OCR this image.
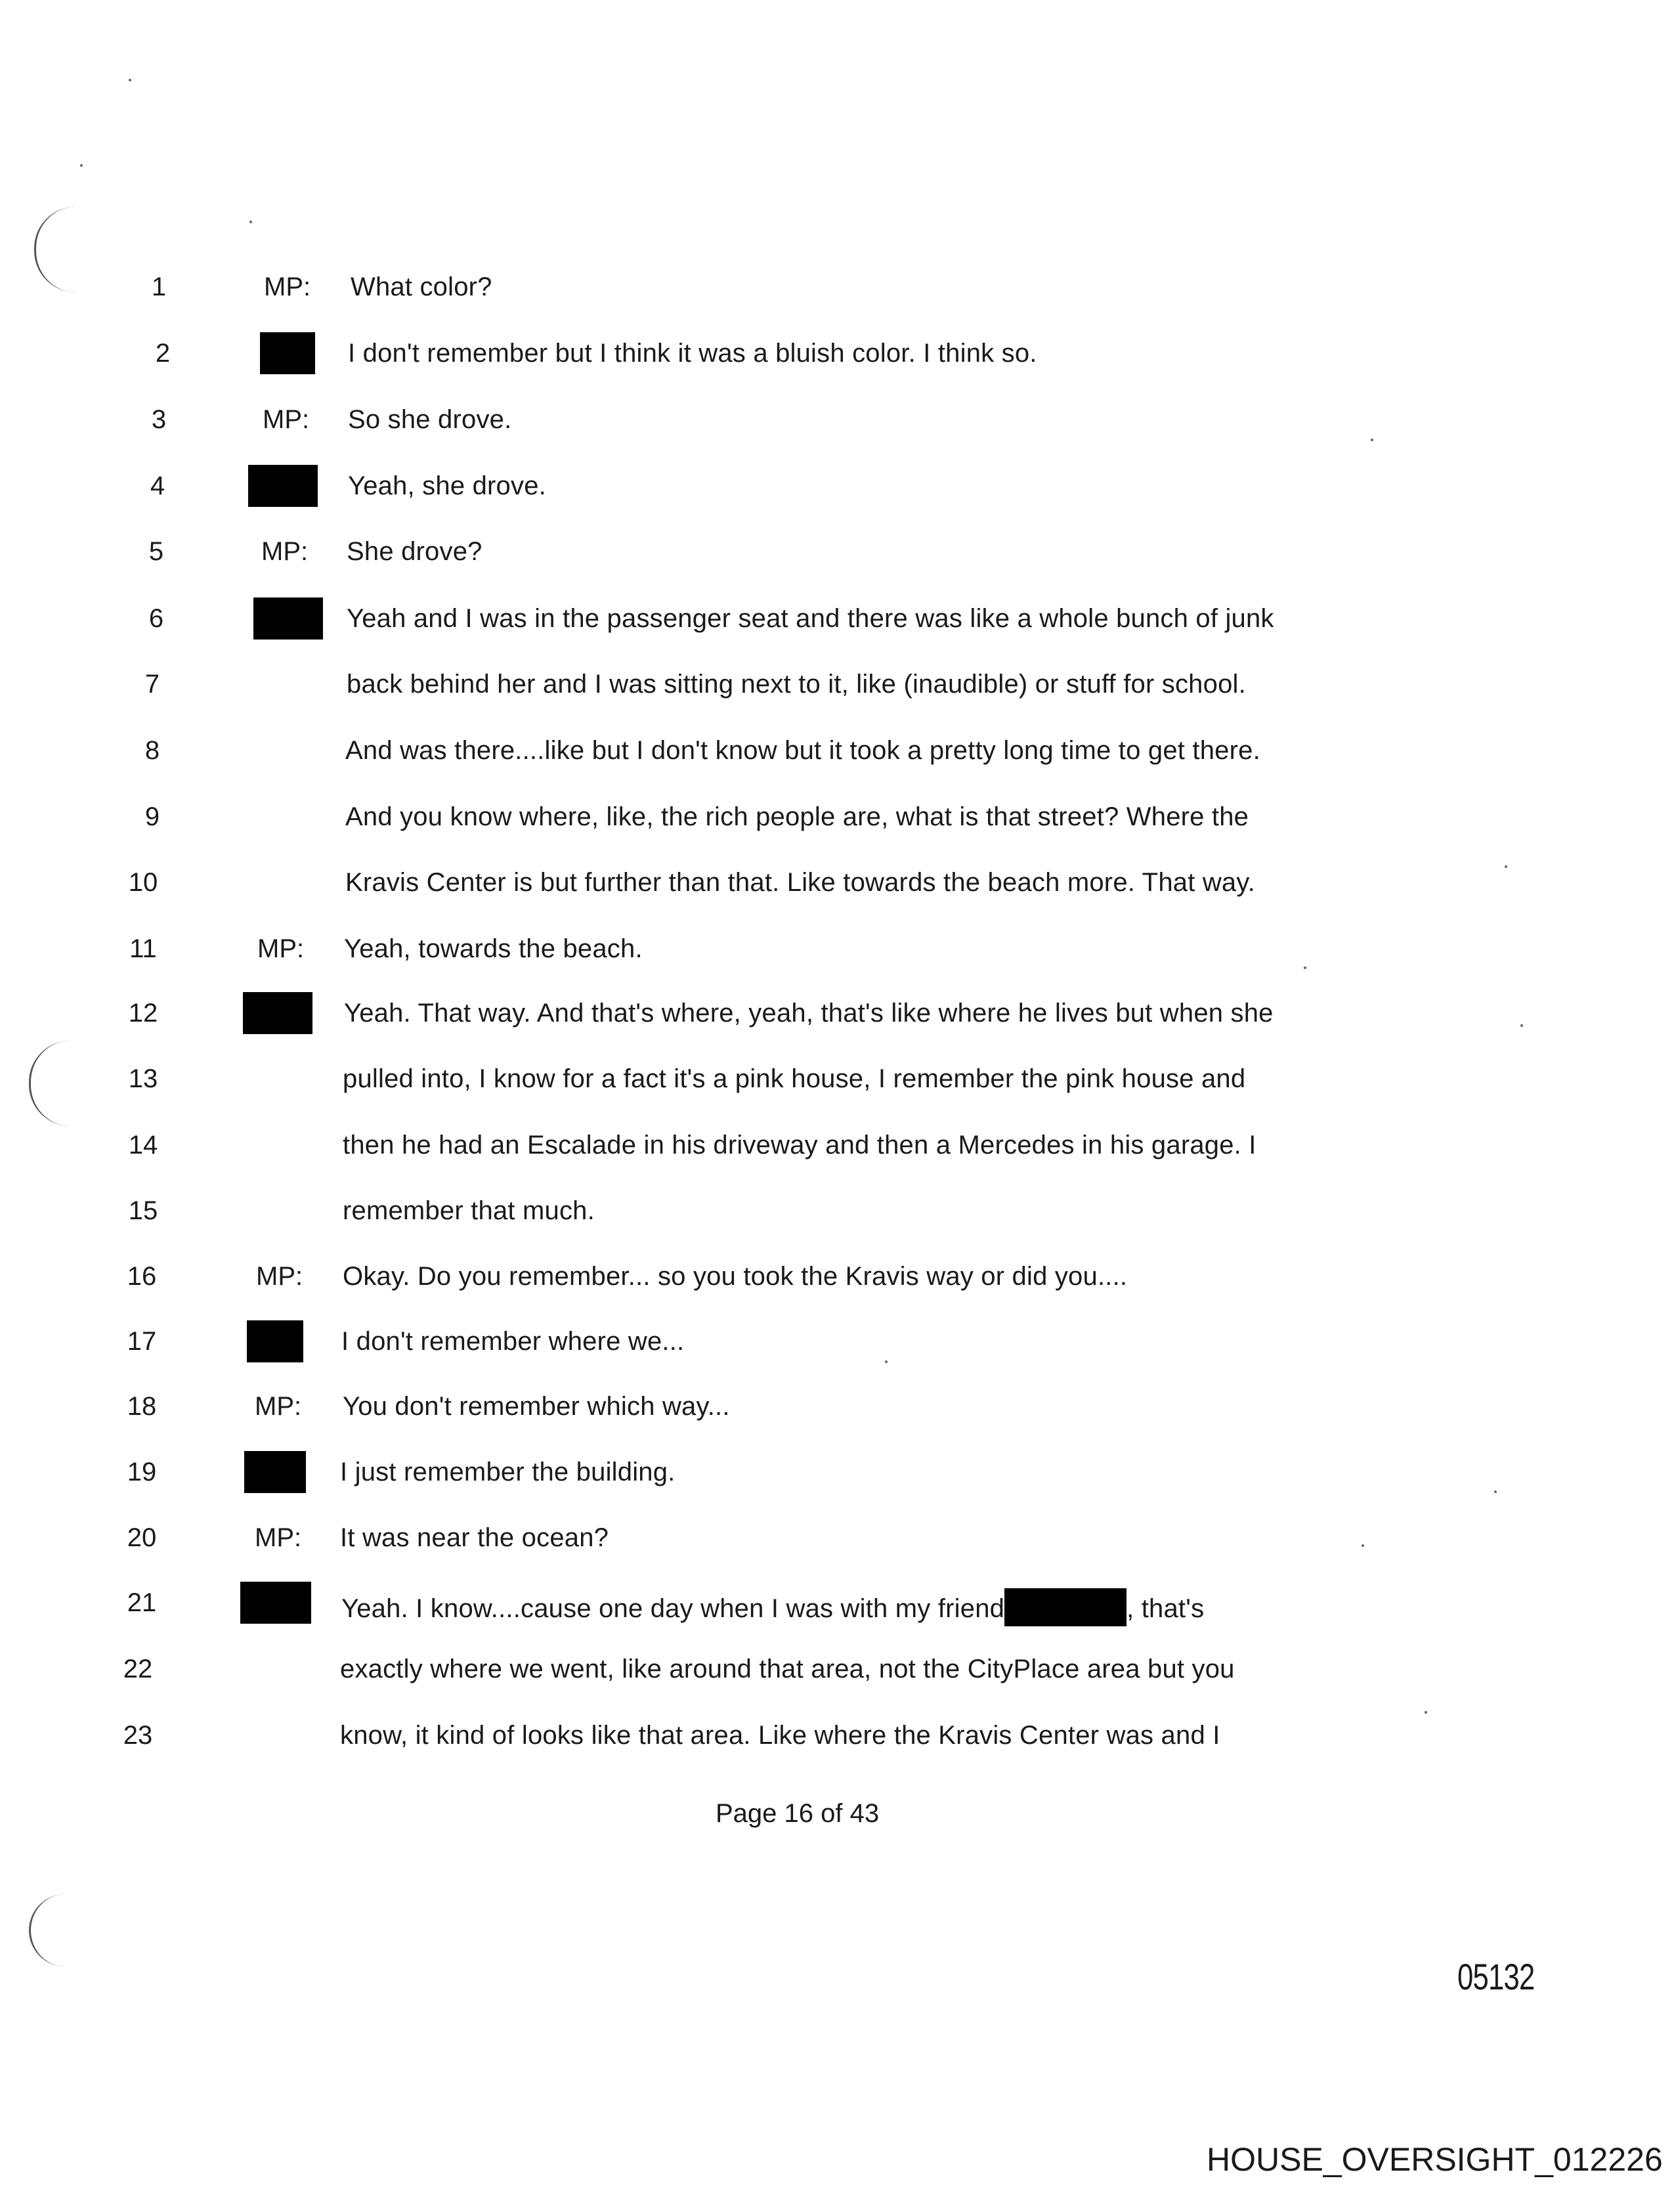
1	MP: What color?
2	I don't remember but I think it was a bluish color. I think so.
3	MP: So she drove.
4	Yeah, she drove.
5	MP: She drove?
6	Yeah and I was in the passenger seat and there was like a whole bunch of junk
7	back behind her and I was sitting next to it, like (inaudible) or stuff for school.
8	And was there....like but I don't know but it took a pretty long time to get there.
9	And you know where, like, the rich people are, what is that street? Where the
10	Kravis Center is but further than that. Like towards the beach more. That way.
11	MP: Yeah, towards the beach.
12	Yeah. That way. And that's where, yeah, that's like where he lives but when she
13	pulled into, I know for a fact it's a pink house, I remember the pink house and
14	then he had an Escalade in his driveway and then a Mercedes in his garage. I
15	remember that much.
16	MP: Okay. Do you remember... so you took the Kravis way or did you....
17	I don't remember where we...
18	MP: You don't remember which way...
19	I just remember the building.
20	MP: It was near the ocean?
21	Yeah. I know....cause one day when I was with my friend	, that's
22	exactly where we went, like around that area, not the CityPlace area but you
23	know, it kind of looks like that area. Like where the Kravis Center was and I
Page 16 of 43
05132
HOUSE_OVERSIGHT_012226
